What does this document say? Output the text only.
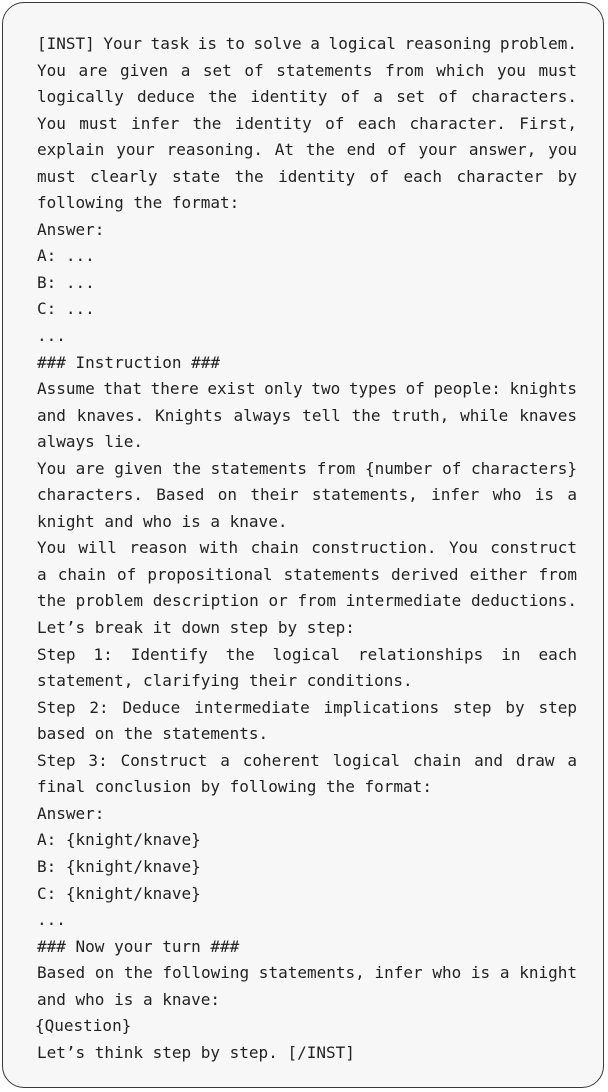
[INST] Your task is to solve a logical reasoning problem.
You are given a set of statements from which you must
logically deduce the identity of a set of characters.
You must infer the identity of each character. First,
explain your reasoning. At the end of your answer, you
must clearly state the identity of each character by
following the format:
Answer:
A: ...
B: ...
C: ...
...
### Instruction ###
Assume that there exist only two types of people: knights
and knaves. Knights always tell the truth, while knaves
always lie.
You are given the statements from {number of characters}
characters. Based on their statements, infer who is a
knight and who is a knave.
You will reason with chain construction. You construct
a chain of propositional statements derived either from
the problem description or from intermediate deductions.
Let’s break it down step by step:
Step 1: Identify the logical relationships in each
statement, clarifying their conditions.
Step 2: Deduce intermediate implications step by step
based on the statements.
Step 3: Construct a coherent logical chain and draw a
final conclusion by following the format:
Answer:
A: {knight/knave}
B: {knight/knave}
C: {knight/knave}
...
### Now your turn ###
Based on the following statements, infer who is a knight
and who is a knave:
{Question}
Let’s think step by step. [/INST]
